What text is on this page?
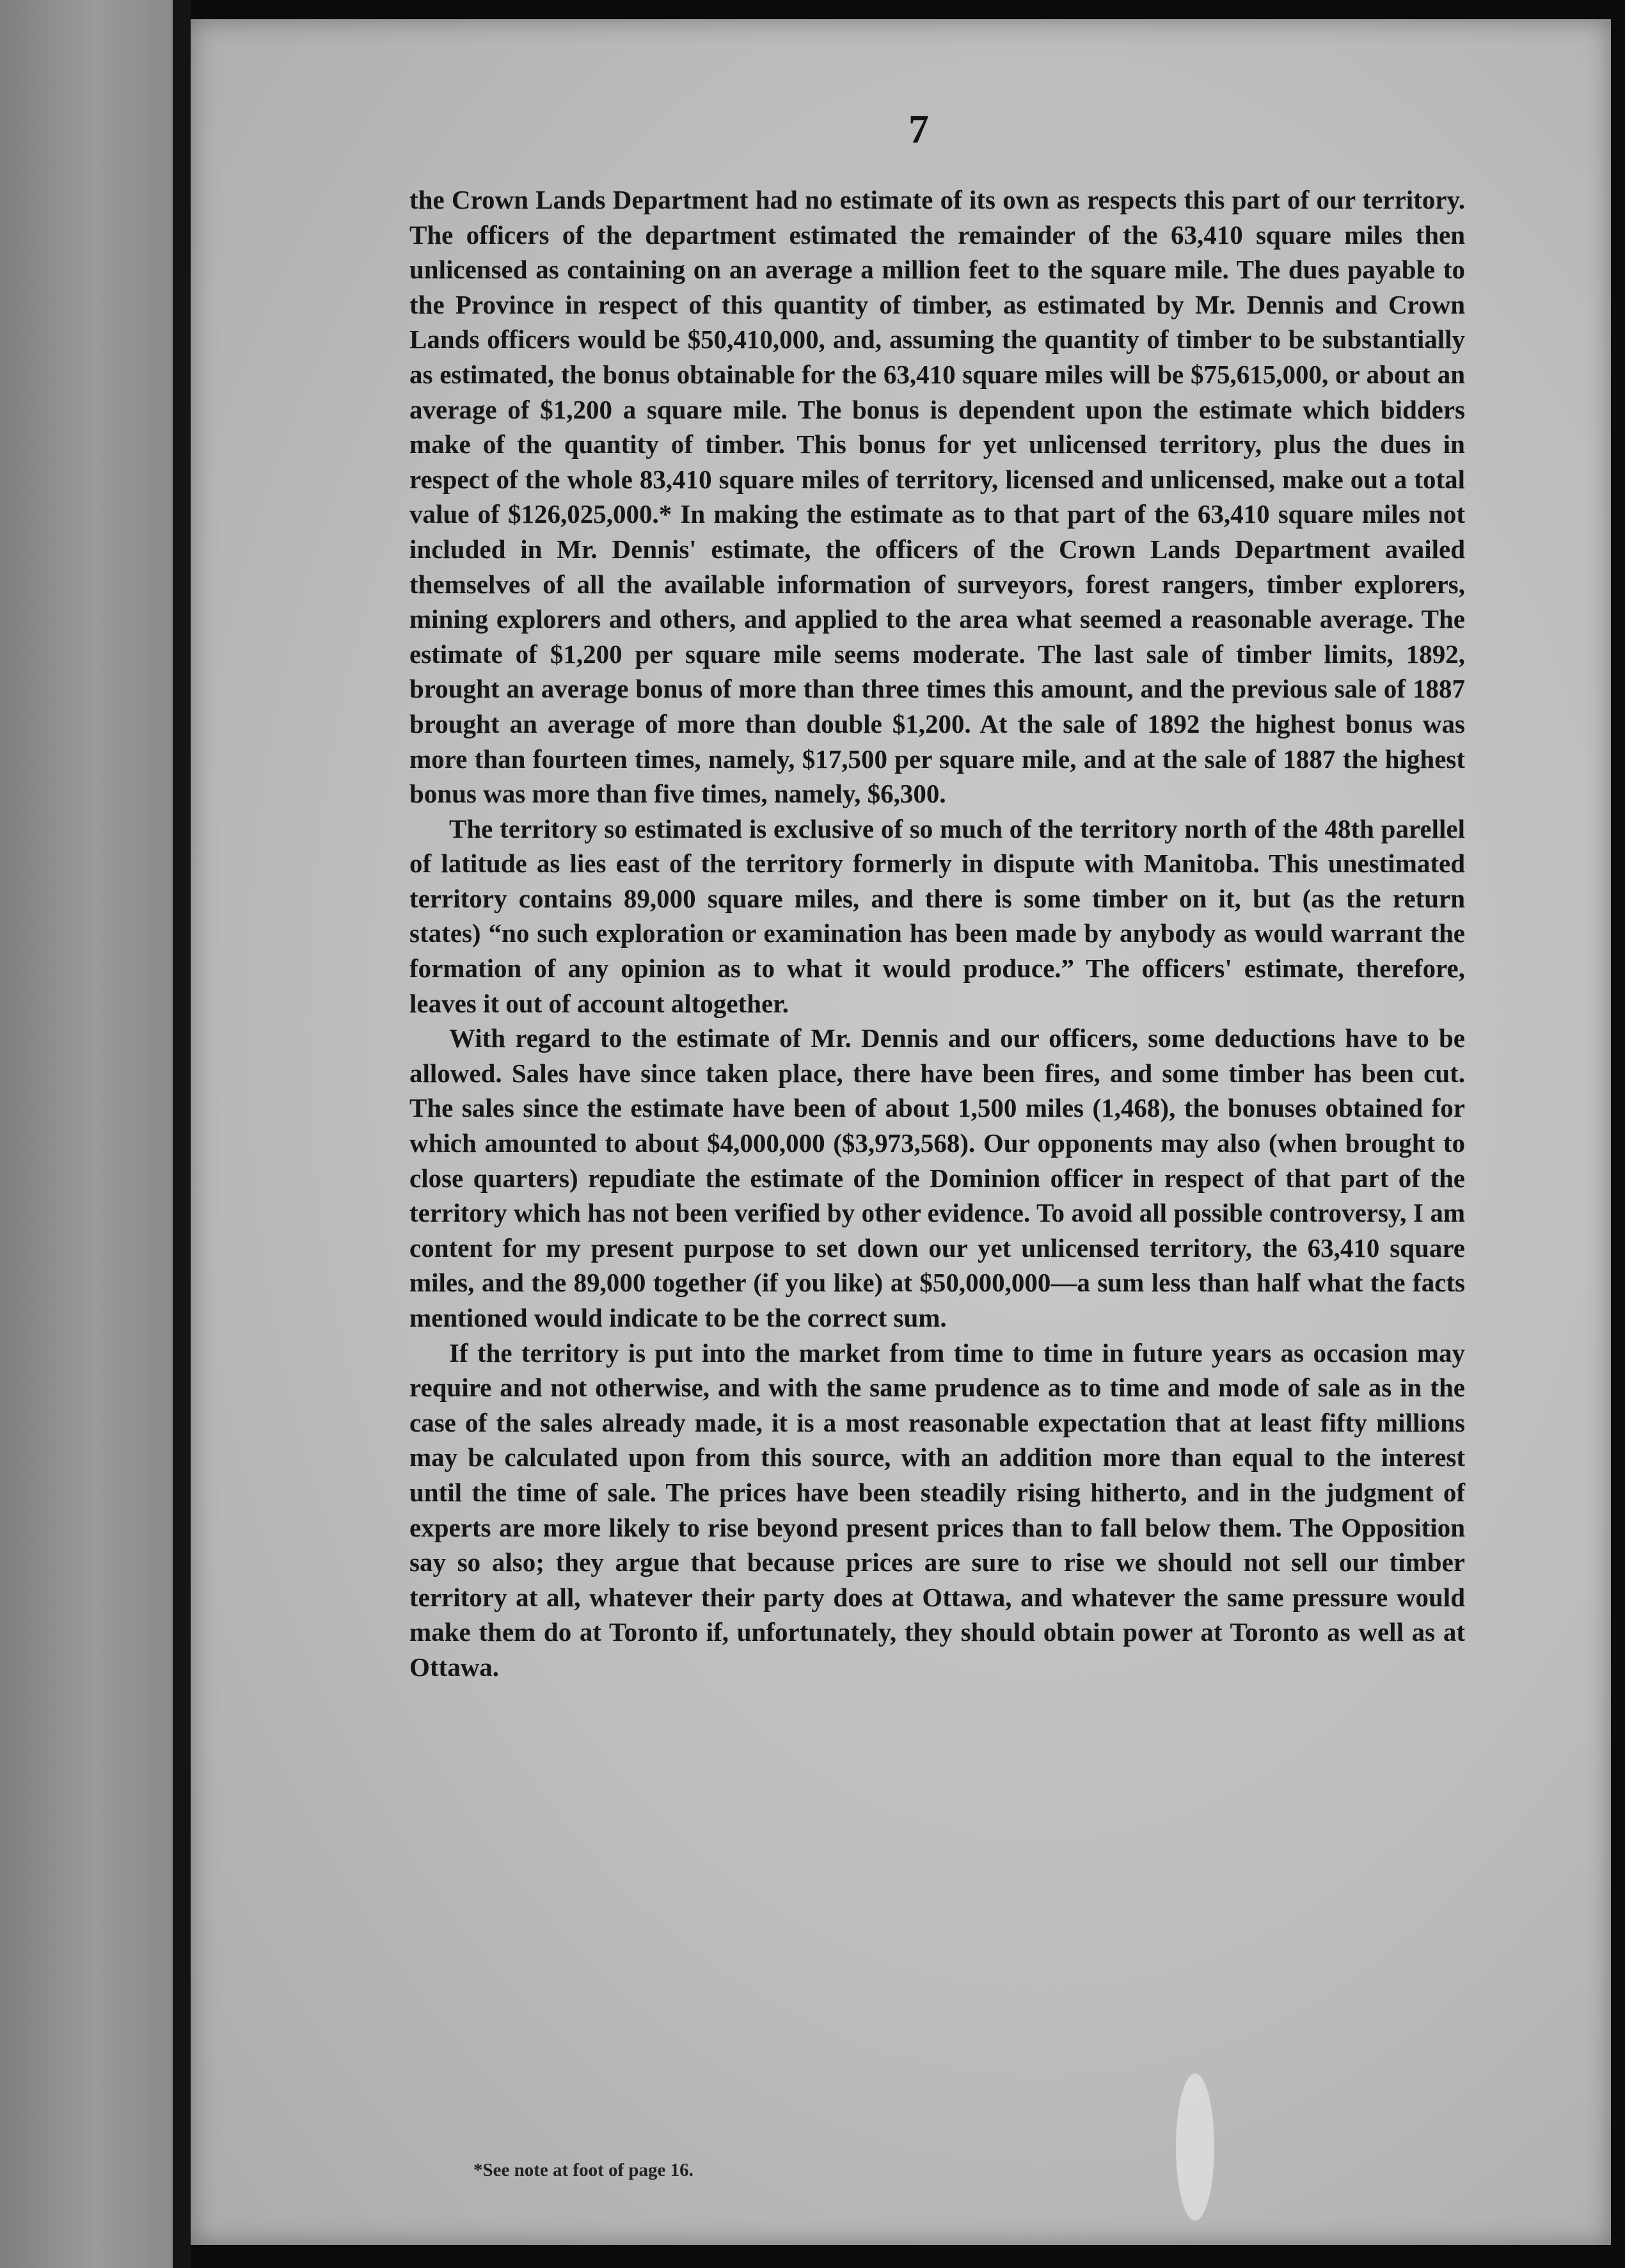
7

the Crown Lands Department had no estimate of its own as respects this part of our territory. The officers of the department estimated the remainder of the 63,410 square miles then unlicensed as containing on an average a million feet to the square mile. The dues payable to the Province in respect of this quantity of timber, as estimated by Mr. Dennis and Crown Lands officers would be $50,410,000, and, assuming the quantity of timber to be substantially as estimated, the bonus obtainable for the 63,410 square miles will be $75,615,000, or about an average of $1,200 a square mile. The bonus is dependent upon the estimate which bidders make of the quantity of timber. This bonus for yet unlicensed territory, plus the dues in respect of the whole 83,410 square miles of territory, licensed and unlicensed, make out a total value of $126,025,000.* In making the estimate as to that part of the 63,410 square miles not included in Mr. Dennis' estimate, the officers of the Crown Lands Department availed themselves of all the available information of surveyors, forest rangers, timber explorers, mining explorers and others, and applied to the area what seemed a reasonable average. The estimate of $1,200 per square mile seems moderate. The last sale of timber limits, 1892, brought an average bonus of more than three times this amount, and the previous sale of 1887 brought an average of more than double $1,200. At the sale of 1892 the highest bonus was more than fourteen times, namely, $17,500 per square mile, and at the sale of 1887 the highest bonus was more than five times, namely, $6,300.

The territory so estimated is exclusive of so much of the territory north of the 48th parellel of latitude as lies east of the territory formerly in dispute with Manitoba. This unestimated territory contains 89,000 square miles, and there is some timber on it, but (as the return states) “no such exploration or examination has been made by anybody as would warrant the formation of any opinion as to what it would produce.” The officers' estimate, therefore, leaves it out of account altogether.

With regard to the estimate of Mr. Dennis and our officers, some deductions have to be allowed. Sales have since taken place, there have been fires, and some timber has been cut. The sales since the estimate have been of about 1,500 miles (1,468), the bonuses obtained for which amounted to about $4,000,000 ($3,973,568). Our opponents may also (when brought to close quarters) repudiate the estimate of the Dominion officer in respect of that part of the territory which has not been verified by other evidence. To avoid all possible controversy, I am content for my present purpose to set down our yet unlicensed territory, the 63,410 square miles, and the 89,000 together (if you like) at $50,000,000—a sum less than half what the facts mentioned would indicate to be the correct sum.

If the territory is put into the market from time to time in future years as occasion may require and not otherwise, and with the same prudence as to time and mode of sale as in the case of the sales already made, it is a most reasonable expectation that at least fifty millions may be calculated upon from this source, with an addition more than equal to the interest until the time of sale. The prices have been steadily rising hitherto, and in the judgment of experts are more likely to rise beyond present prices than to fall below them. The Opposition say so also; they argue that because prices are sure to rise we should not sell our timber territory at all, whatever their party does at Ottawa, and whatever the same pressure would make them do at Toronto if, unfortunately, they should obtain power at Toronto as well as at Ottawa.

*See note at foot of page 16.
